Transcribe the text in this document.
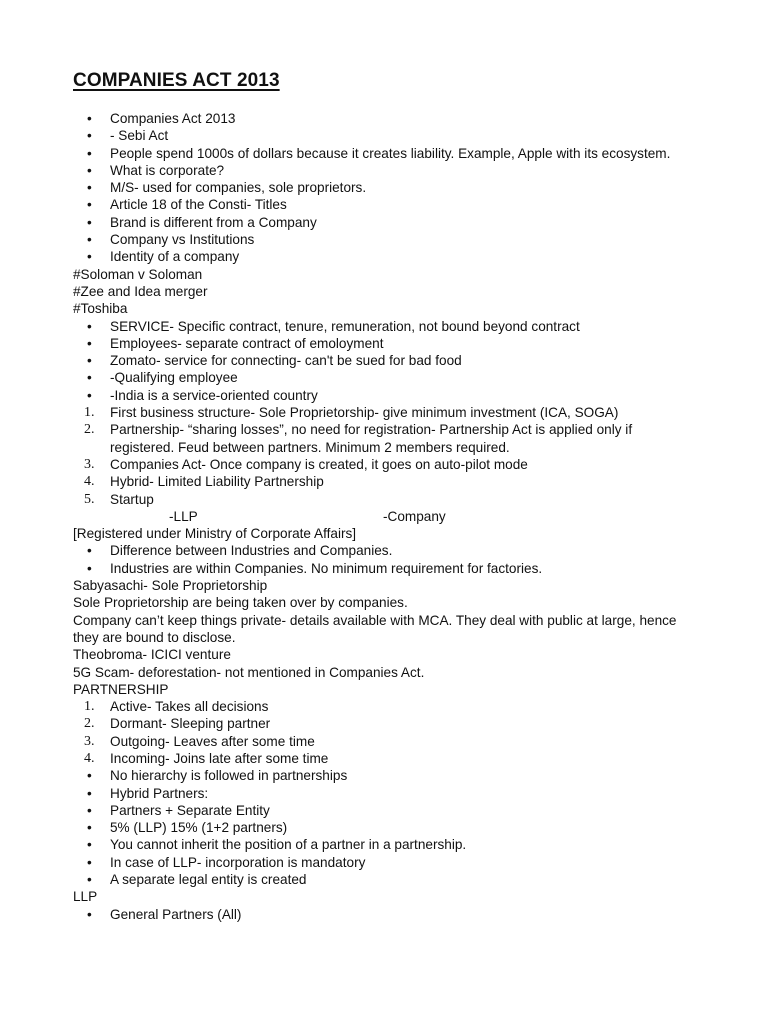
COMPANIES ACT 2013
• Companies Act 2013
• - Sebi Act
• People spend 1000s of dollars because it creates liability. Example, Apple with its ecosystem.
• What is corporate?
• M/S- used for companies, sole proprietors.
• Article 18 of the Consti- Titles
• Brand is different from a Company
• Company vs Institutions
• Identity of a company
#Soloman v Soloman
#Zee and Idea merger
#Toshiba
• SERVICE- Specific contract, tenure, remuneration, not bound beyond contract
• Employees- separate contract of emoloyment
• Zomato- service for connecting- can't be sued for bad food
• -Qualifying employee
• -India is a service-oriented country
1. First business structure- Sole Proprietorship- give minimum investment (ICA, SOGA)
2. Partnership- “sharing losses”, no need for registration- Partnership Act is applied only if registered. Feud between partners. Minimum 2 members required.
3. Companies Act- Once company is created, it goes on auto-pilot mode
4. Hybrid- Limited Liability Partnership
5. Startup
-LLP	-Company
[Registered under Ministry of Corporate Affairs]
• Difference between Industries and Companies.
• Industries are within Companies. No minimum requirement for factories.
Sabyasachi- Sole Proprietorship
Sole Proprietorship are being taken over by companies.
Company can’t keep things private- details available with MCA. They deal with public at large, hence they are bound to disclose.
Theobroma- ICICI venture
5G Scam- deforestation- not mentioned in Companies Act.
PARTNERSHIP
1. Active- Takes all decisions
2. Dormant- Sleeping partner
3. Outgoing- Leaves after some time
4. Incoming- Joins late after some time
• No hierarchy is followed in partnerships
• Hybrid Partners:
• Partners + Separate Entity
• 5% (LLP) 15% (1+2 partners)
• You cannot inherit the position of a partner in a partnership.
• In case of LLP- incorporation is mandatory
• A separate legal entity is created
LLP
• General Partners (All)
